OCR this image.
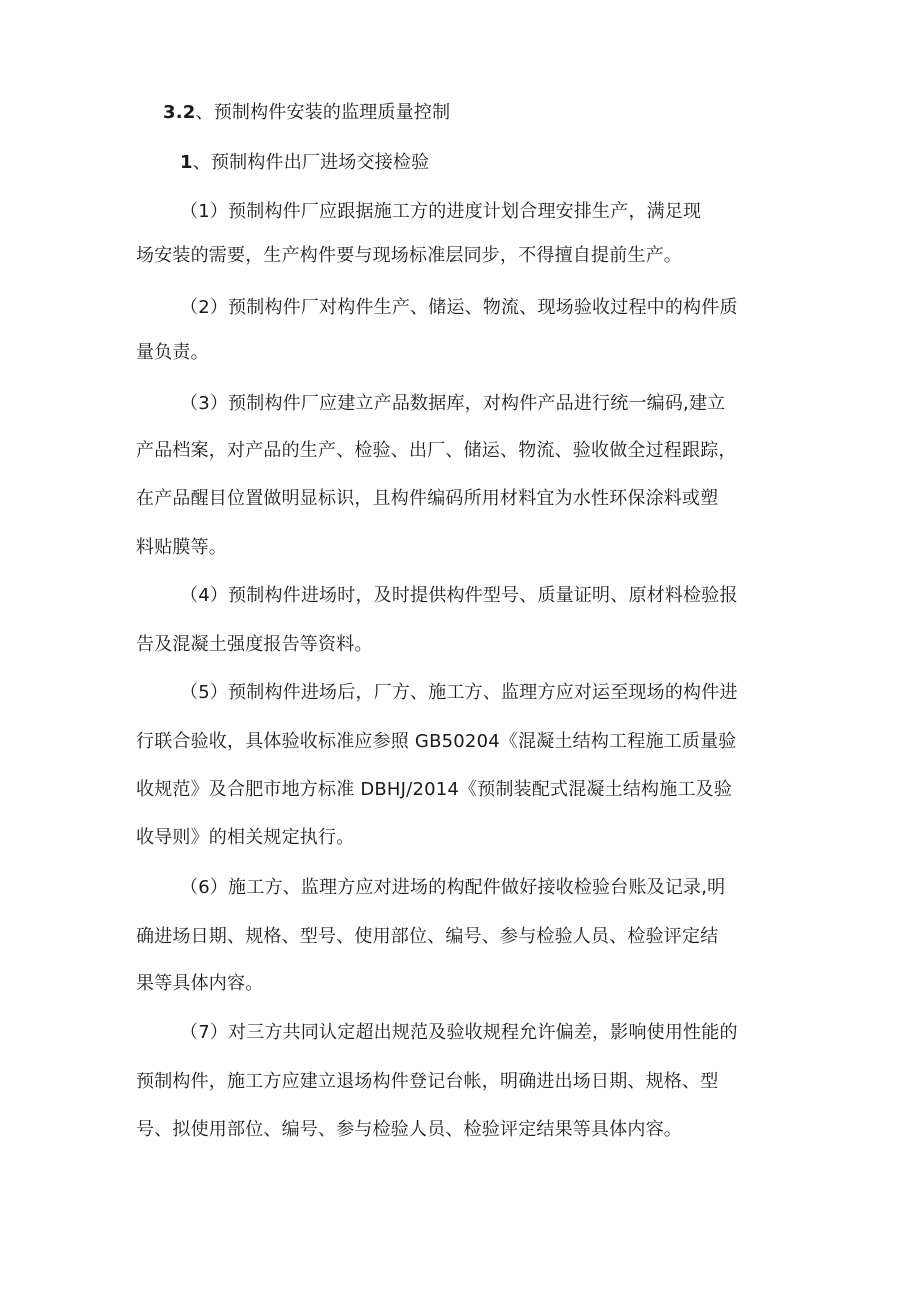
3.2、预制构件安装的监理质量控制
1、预制构件出厂进场交接检验
（1）预制构件厂应跟据施工方的进度计划合理安排生产，满足现
场安装的需要，生产构件要与现场标准层同步，不得擅自提前生产。
（2）预制构件厂对构件生产、储运、物流、现场验收过程中的构件质
量负责。
（3）预制构件厂应建立产品数据库，对构件产品进行统一编码,建立
产品档案，对产品的生产、检验、出厂、储运、物流、验收做全过程跟踪，
在产品醒目位置做明显标识，且构件编码所用材料宜为水性环保涂料或塑
料贴膜等。
（4）预制构件进场时，及时提供构件型号、质量证明、原材料检验报
告及混凝土强度报告等资料。
（5）预制构件进场后，厂方、施工方、监理方应对运至现场的构件进
行联合验收，具体验收标准应参照 GB50204《混凝土结构工程施工质量验
收规范》及合肥市地方标准 DBHJ/2014《预制装配式混凝土结构施工及验
收导则》的相关规定执行。
（6）施工方、监理方应对进场的构配件做好接收检验台账及记录,明
确进场日期、规格、型号、使用部位、编号、参与检验人员、检验评定结
果等具体内容。
（7）对三方共同认定超出规范及验收规程允许偏差，影响使用性能的
预制构件，施工方应建立退场构件登记台帐，明确进出场日期、规格、型
号、拟使用部位、编号、参与检验人员、检验评定结果等具体内容。
